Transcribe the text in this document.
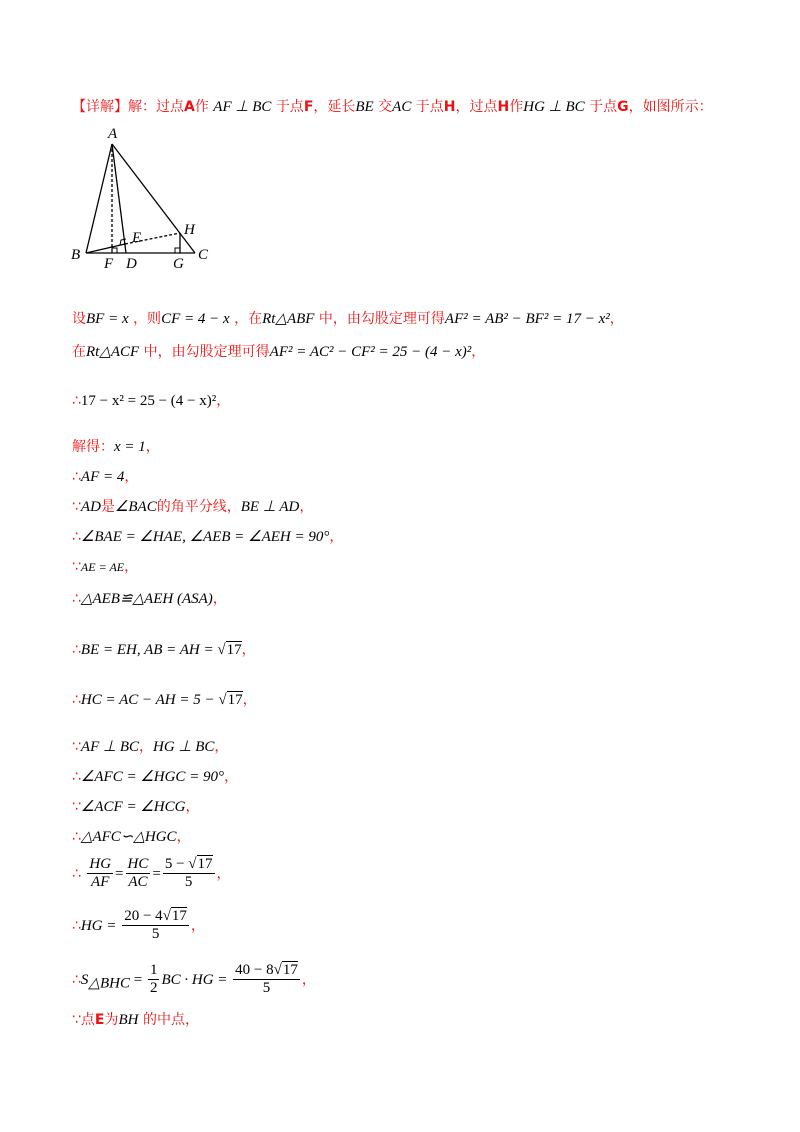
【详解】解：过点A作 AF ⊥ BC 于点F，延长BE 交AC 于点H，过点H作HG ⊥ BC 于点G，如图所示：
A
B	C
D
E
F	G
H
设BF = x ，则CF = 4 − x ，在Rt△ABF 中，由勾股定理可得AF² = AB² − BF² = 17 − x²，
在Rt△ACF 中，由勾股定理可得AF² = AC² − CF² = 25 − (4 − x)²，
∴17 − x² = 25 − (4 − x)²，
解得：x = 1，
∴AF = 4，
∵AD是∠BAC的角平分线，BE ⊥ AD，
∴∠BAE = ∠HAE, ∠AEB = ∠AEH = 90°，
∵AE = AE，
∴△AEB≌△AEH (ASA)，
∴BE = EH, AB = AH = √17，
∴HC = AC − AH = 5 − √17，
∵AF ⊥ BC，HG ⊥ BC，
∴∠AFC = ∠HGC = 90°，
∵∠ACF = ∠HCG，
∴△AFC∽△HGC，
∴ $\frac{HG}{AF} = \frac{HC}{AC} = \frac{5 - √17}{5}$ ，
∴HG = $\frac{20 - 4√17}{5}$ ，
$\therefore S_{\triangle BHC} = \frac{1}{2}$ BC · HG = $\frac{40 - 8√17}{5}$ ，
∵点E为BH 的中点，
